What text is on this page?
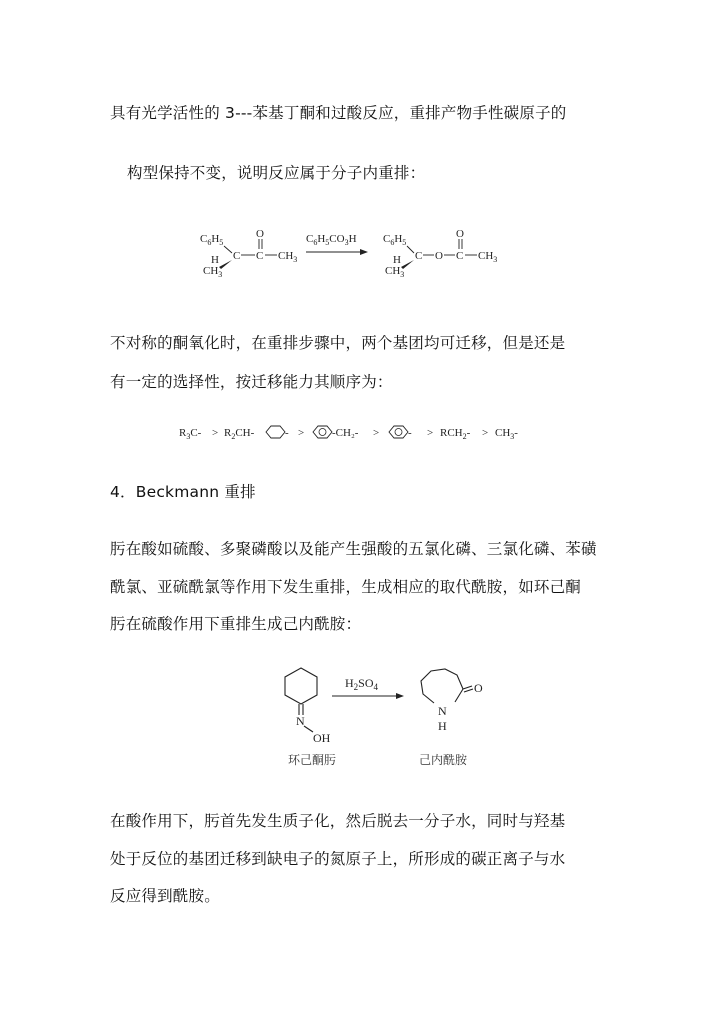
具有光学活性的 3---苯基丁酮和过酸反应，重排产物手性碳原子的
构型保持不变，说明反应属于分子内重排：
$C_6H_5$
H C
$CH_3$
C
O
$CH_3$
$C_6H_5CO_3H$ $C_6H_5$
H C
$CH_3$
O C
O
$CH_3$
不对称的酮氧化时，在重排步骤中，两个基团均可迁移，但是还是
有一定的选择性，按迁移能力其顺序为：
$R_3C- > R_2CH-$	- >	-CH₂- >	- > $RCH_2- > CH_3-$
4．Beckmann 重排
肟在酸如硫酸、多聚磷酸以及能产生强酸的五氯化磷、三氯化磷、苯磺
酰氯、亚硫酰氯等作用下发生重排，生成相应的取代酰胺，如环己酮
肟在硫酸作用下重排生成己内酰胺：
N
OH
环己酮肟
$H_2SO_4$	O
N
H
己内酰胺
在酸作用下，肟首先发生质子化，然后脱去一分子水，同时与羟基
处于反位的基团迁移到缺电子的氮原子上，所形成的碳正离子与水
反应得到酰胺。
